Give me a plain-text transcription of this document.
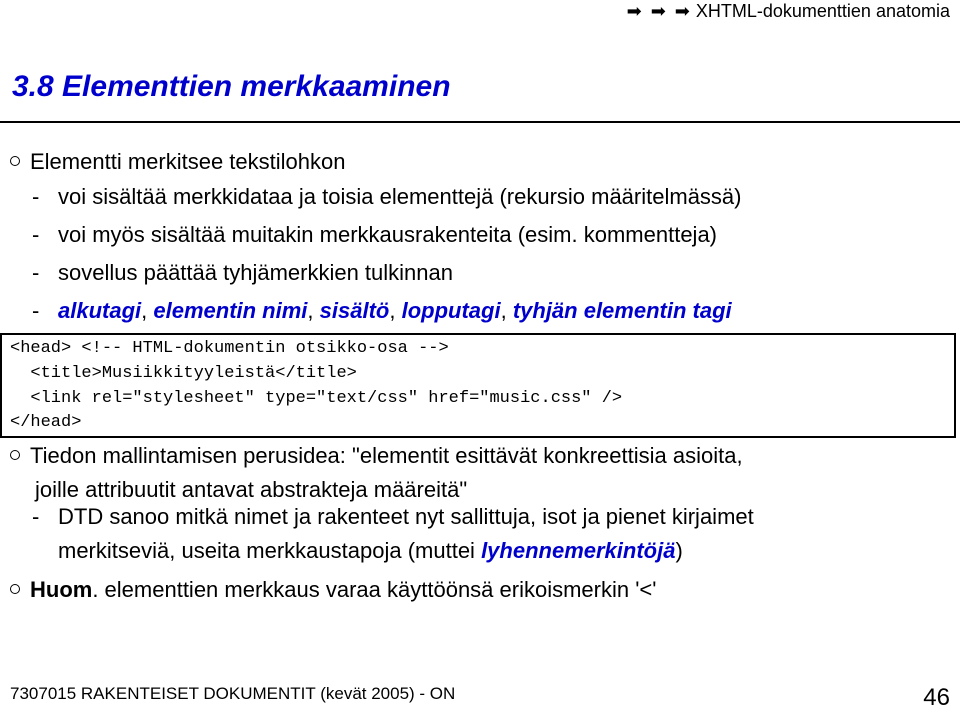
➡ ➡ ➡ XHTML-dokumenttien anatomia
3.8 Elementtien merkkaaminen
Elementti merkitsee tekstilohkon
- voi sisältää merkkidataa ja toisia elementtejä (rekursio määritelmässä)
- voi myös sisältää muitakin merkkausrakenteita (esim. kommentteja)
- sovellus päättää tyhjämerkkien tulkinnan
- alkutagi, elementin nimi, sisältö, lopputagi, tyhjän elementin tagi
<head> <!-- HTML-dokumentin otsikko-osa -->
<title>Musiikkityyleistä</title>
<link rel="stylesheet" type="text/css" href="music.css" />
</head>
Tiedon mallintamisen perusidea: "elementit esittävät konkreettisia asioita,
joille attribuutit antavat abstrakteja määreitä"
- DTD sanoo mitkä nimet ja rakenteet nyt sallittuja, isot ja pienet kirjaimet
merkitseviä, useita merkkaustapoja (muttei lyhennemerkintöjä)
Huom. elementtien merkkaus varaa käyttöönsä erikoismerkin '<'
7307015 RAKENTEISET DOKUMENTIT (kevät 2005) - ON	46
